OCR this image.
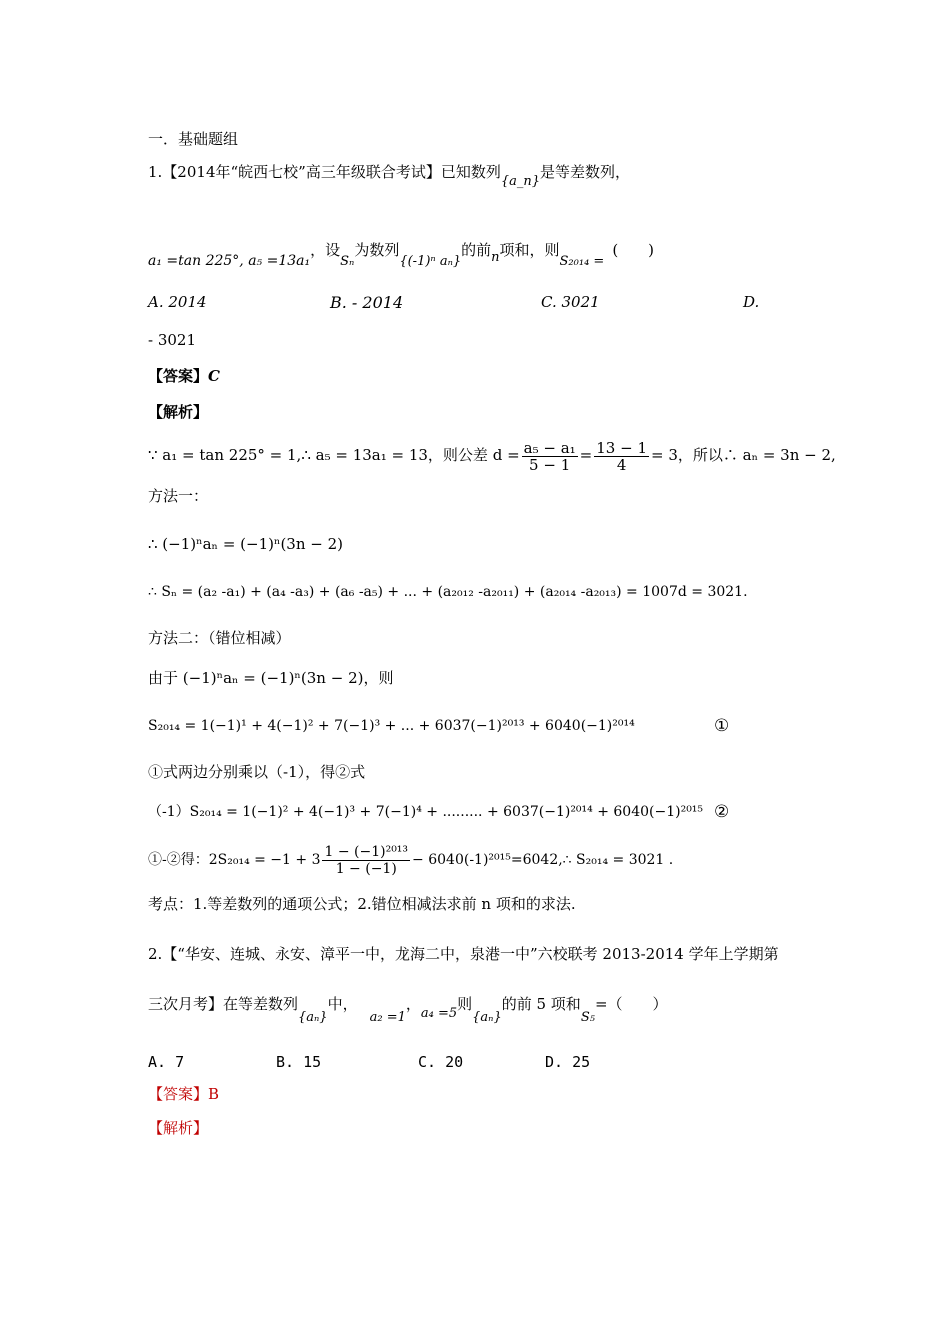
一．基础题组
1.【2014年“皖西七校”高三年级联合考试】已知数列{a_n}是等差数列，
a₁ =tan 225°, a₅ =13a₁，设Sₙ为数列{(-1)ⁿ aₙ}的前n项和，则S₂₀₁₄ =(　　)
A. 2014	B. - 2014	C. 3021	D.
- 3021
【答案】C
【解析】
∵ a₁ = tan 225° = 1,∴ a₅ = 13a₁ = 13，则公差 $d = \frac{\text{a₅ − a₁}}{5 - 1} = \frac{13 - 1}{4} = 3$，所以∴ aₙ = 3n − 2,
方法一：
∴ (−1)ⁿaₙ = (−1)ⁿ(3n − 2)
∴ Sₙ = (a₂ -a₁) + (a₄ -a₃) + (a₆ -a₅) + ... + (a₂₀₁₂ -a₂₀₁₁) + (a₂₀₁₄ -a₂₀₁₃) = 1007d = 3021.
方法二：（错位相减）
由于 (−1)ⁿaₙ = (−1)ⁿ(3n − 2)，则
S₂₀₁₄ = 1(−1)¹ + 4(−1)² + 7(−1)³ + ... + 6037(−1)²⁰¹³ + 6040(−1)²⁰¹⁴	①
①式两边分别乘以（-1），得②式
（-1）S₂₀₁₄ = 1(−1)² + 4(−1)³ + 7(−1)⁴ + ......... + 6037(−1)²⁰¹⁴ + 6040(−1)²⁰¹⁵ ②
①-②得：$2S_{2014} = -1 + 3 \frac{\text{1 − (−1)²⁰¹³}}{1 - (-1)}$ − 6040(-1)²⁰¹⁵=6042,∴ S₂₀₁₄ = 3021 .
考点：1.等差数列的通项公式；2.错位相减法求前 n 项和的求法.
2.【“华安、连城、永安、漳平一中，龙海二中，泉港一中”六校联考 2013-2014 学年上学期第
三次月考】在等差数列{aₙ}中，a₂ =1，a₄ =5则{aₙ}的前 5 项和S₅=（　　）
A. 7	B. 15	C. 20	D. 25
【答案】B
【解析】
